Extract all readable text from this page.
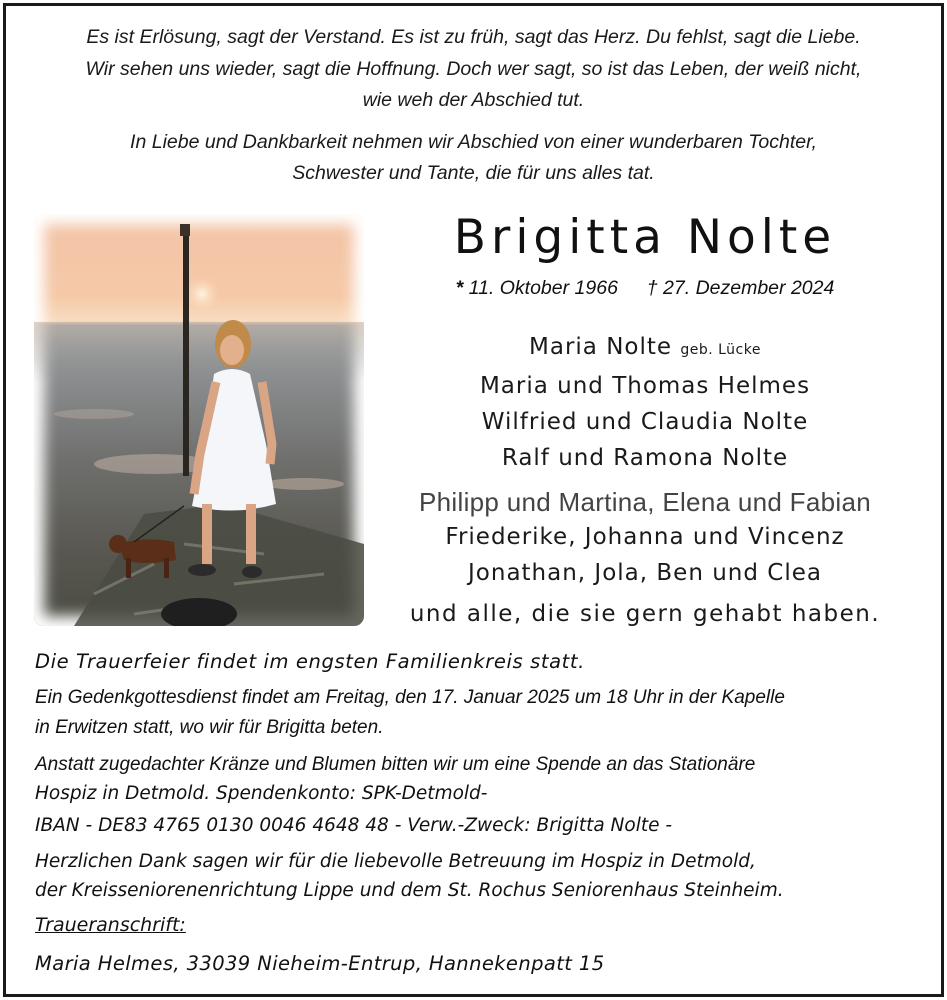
Es ist Erlösung, sagt der Verstand. Es ist zu früh, sagt das Herz. Du fehlst, sagt die Liebe.
Wir sehen uns wieder, sagt die Hoffnung. Doch wer sagt, so ist das Leben, der weiß nicht,
wie weh der Abschied tut.
In Liebe und Dankbarkeit nehmen wir Abschied von einer wunderbaren Tochter,
Schwester und Tante, die für uns alles tat.
Brigitta Nolte
* 11. Oktober 1966 † 27. Dezember 2024
Maria Nolte geb. Lücke
Maria und Thomas Helmes
Wilfried und Claudia Nolte
Ralf und Ramona Nolte
Philipp und Martina, Elena und Fabian
Friederike, Johanna und Vincenz
Jonathan, Jola, Ben und Clea
und alle, die sie gern gehabt haben.
Die Trauerfeier findet im engsten Familienkreis statt.
Ein Gedenkgottesdienst findet am Freitag, den 17. Januar 2025 um 18 Uhr in der Kapelle
in Erwitzen statt, wo wir für Brigitta beten.
Anstatt zugedachter Kränze und Blumen bitten wir um eine Spende an das Stationäre
Hospiz in Detmold. Spendenkonto: SPK-Detmold-
IBAN - DE83 4765 0130 0046 4648 48 - Verw.-Zweck: Brigitta Nolte -
Herzlichen Dank sagen wir für die liebevolle Betreuung im Hospiz in Detmold,
der Kreisseniorenenrichtung Lippe und dem St. Rochus Seniorenhaus Steinheim.
Traueranschrift:
Maria Helmes, 33039 Nieheim-Entrup, Hannekenpatt 15
